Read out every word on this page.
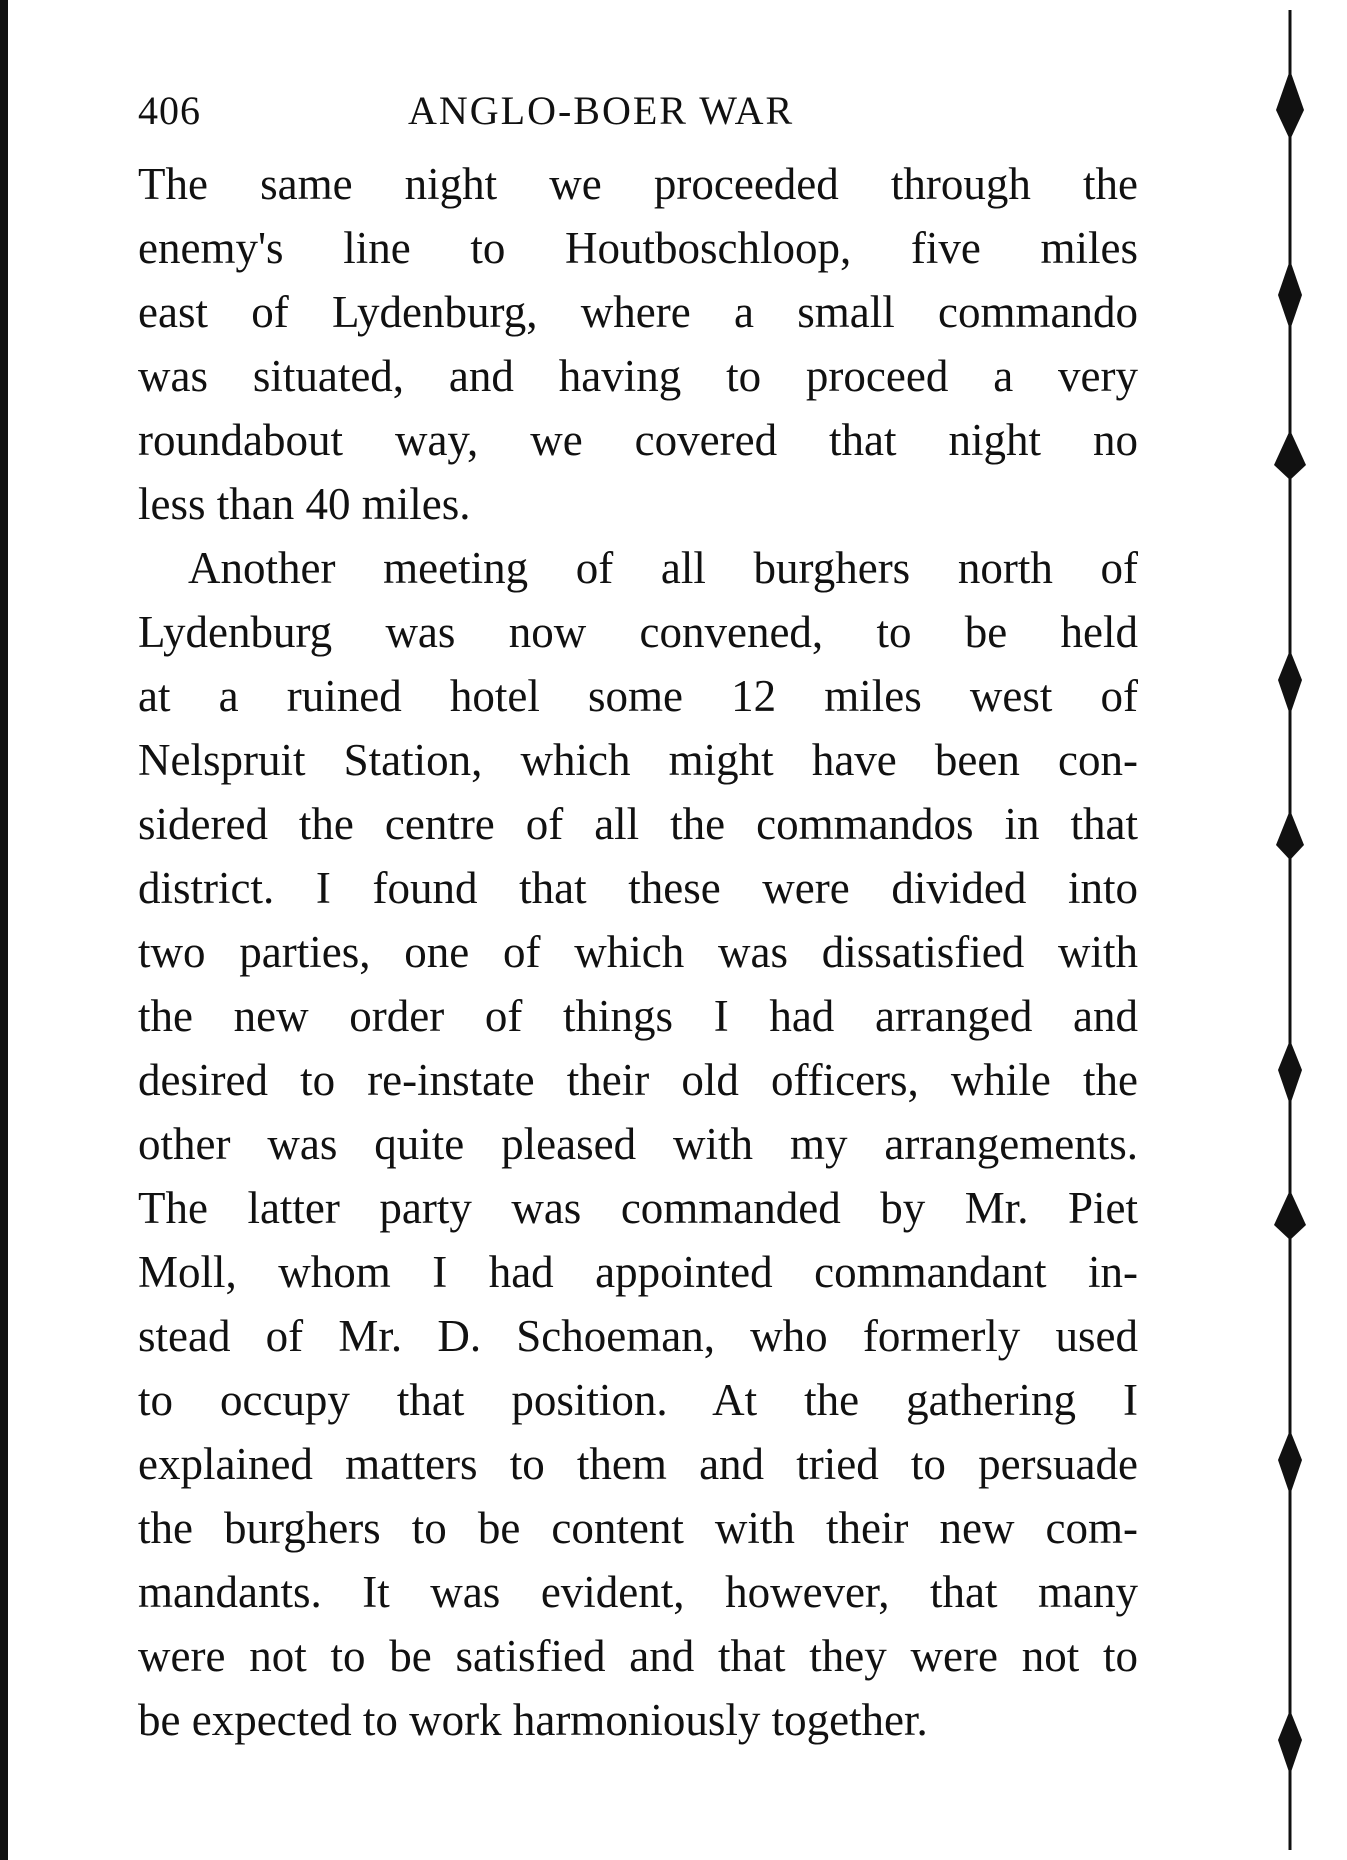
406	ANGLO-BOER WAR
The same night we proceeded through the
enemy's line to Houtboschloop, five miles
east of Lydenburg, where a small commando
was situated, and having to proceed a very
roundabout way, we covered that night no
less than 40 miles.
Another meeting of all burghers north of
Lydenburg was now convened, to be held
at a ruined hotel some 12 miles west of
Nelspruit Station, which might have been con-
sidered the centre of all the commandos in that
district. I found that these were divided into
two parties, one of which was dissatisfied with
the new order of things I had arranged and
desired to re-instate their old officers, while the
other was quite pleased with my arrangements.
The latter party was commanded by Mr. Piet
Moll, whom I had appointed commandant in-
stead of Mr. D. Schoeman, who formerly used
to occupy that position. At the gathering I
explained matters to them and tried to persuade
the burghers to be content with their new com-
mandants. It was evident, however, that many
were not to be satisfied and that they were not to
be expected to work harmoniously together.
